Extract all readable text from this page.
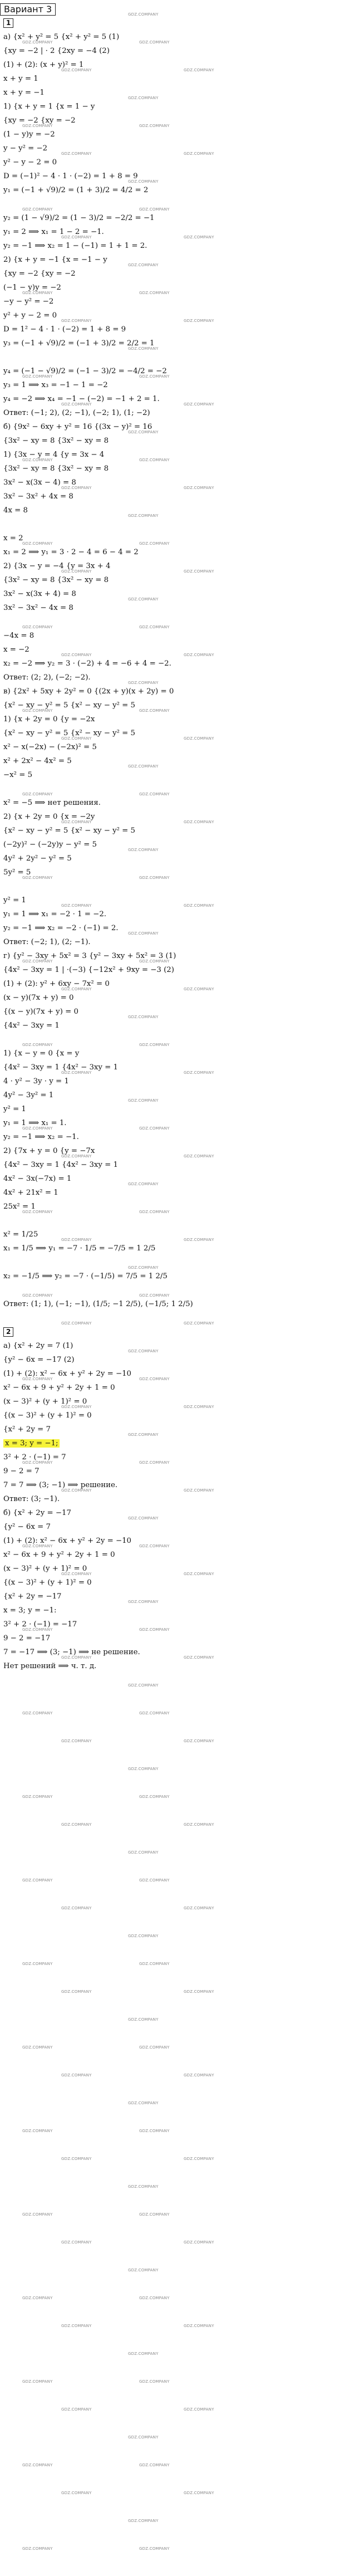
Вариант 3
1
а) {x² + y² = 5 {x² + y² = 5 (1)
{xy = −2 | · 2 {2xy = −4 (2)
(1) + (2): (x + y)² = 1
x + y = 1
x + y = −1
1) {x + y = 1 {x = 1 − y
{xy = −2 {xy = −2
(1 − y)y = −2
y − y² = −2
y² − y − 2 = 0
D = (−1)² − 4 · 1 · (−2) = 1 + 8 = 9
y₁ = (−1 + √9)/2 = (1 + 3)/2 = 4/2 = 2
y₂ = (1 − √9)/2 = (1 − 3)/2 = −2/2 = −1
y₁ = 2 ⟹ x₁ = 1 − 2 = −1.
y₂ = −1 ⟹ x₂ = 1 − (−1) = 1 + 1 = 2.
2) {x + y = −1 {x = −1 − y
{xy = −2 {xy = −2
(−1 − y)y = −2
−y − y² = −2
y² + y − 2 = 0
D = 1² − 4 · 1 · (−2) = 1 + 8 = 9
y₃ = (−1 + √9)/2 = (−1 + 3)/2 = 2/2 = 1
y₄ = (−1 − √9)/2 = (−1 − 3)/2 = −4/2 = −2
y₃ = 1 ⟹ x₃ = −1 − 1 = −2
y₄ = −2 ⟹ x₄ = −1 − (−2) = −1 + 2 = 1.
Ответ: (−1; 2), (2; −1), (−2; 1), (1; −2)
б) {9x² − 6xy + y² = 16 {(3x − y)² = 16
{3x² − xy = 8 {3x² − xy = 8
1) {3x − y = 4 {y = 3x − 4
{3x² − xy = 8 {3x² − xy = 8
3x² − x(3x − 4) = 8
3x² − 3x² + 4x = 8
4x = 8
x = 2
x₁ = 2 ⟹ y₁ = 3 · 2 − 4 = 6 − 4 = 2
2) {3x − y = −4 {y = 3x + 4
{3x² − xy = 8 {3x² − xy = 8
3x² − x(3x + 4) = 8
3x² − 3x² − 4x = 8
−4x = 8
x = −2
x₂ = −2 ⟹ y₂ = 3 · (−2) + 4 = −6 + 4 = −2.
Ответ: (2; 2), (−2; −2).
в) {2x² + 5xy + 2y² = 0 {(2x + y)(x + 2y) = 0
{x² − xy − y² = 5 {x² − xy − y² = 5
1) {x + 2y = 0 {y = −2x
{x² − xy − y² = 5 {x² − xy − y² = 5
x² − x(−2x) − (−2x)² = 5
x² + 2x² − 4x² = 5
−x² = 5
x² = −5 ⟹ нет решения.
2) {x + 2y = 0 {x = −2y
{x² − xy − y² = 5 {x² − xy − y² = 5
(−2y)² − (−2y)y − y² = 5
4y² + 2y² − y² = 5
5y² = 5
y² = 1
y₁ = 1 ⟹ x₁ = −2 · 1 = −2.
y₂ = −1 ⟹ x₂ = −2 · (−1) = 2.
Ответ: (−2; 1), (2; −1).
г) {y² − 3xy + 5x² = 3 {y² − 3xy + 5x² = 3 (1)
{4x² − 3xy = 1 | ·(−3) {−12x² + 9xy = −3 (2)
(1) + (2): y² + 6xy − 7x² = 0
(x − y)(7x + y) = 0
{(x − y)(7x + y) = 0
{4x² − 3xy = 1
1) {x − y = 0 {x = y
{4x² − 3xy = 1 {4x² − 3xy = 1
4 · y² − 3y · y = 1
4y² − 3y² = 1
y² = 1
y₁ = 1 ⟹ x₁ = 1.
y₂ = −1 ⟹ x₂ = −1.
2) {7x + y = 0 {y = −7x
{4x² − 3xy = 1 {4x² − 3xy = 1
4x² − 3x(−7x) = 1
4x² + 21x² = 1
25x² = 1
x² = 1/25
x₁ = 1/5 ⟹ y₁ = −7 · 1/5 = −7/5 = 1 2/5
x₂ = −1/5 ⟹ y₂ = −7 · (−1/5) = 7/5 = 1 2/5
Ответ: (1; 1), (−1; −1), (1/5; −1 2/5), (−1/5; 1 2/5)
2
а) {x² + 2y = 7 (1)
{y² − 6x = −17 (2)
(1) + (2): x² − 6x + y² + 2y = −10
x² − 6x + 9 + y² + 2y + 1 = 0
(x − 3)² + (y + 1)² = 0
{(x − 3)² + (y + 1)² = 0
{x² + 2y = 7
x = 3; y = −1;
3² + 2 · (−1) = 7
9 − 2 = 7
7 = 7 ⟹ (3; −1) ⟹ решение.
Ответ: (3; −1).
б) {x² + 2y = −17
{y² − 6x = 7
(1) + (2): x² − 6x + y² + 2y = −10
x² − 6x + 9 + y² + 2y + 1 = 0
(x − 3)² + (y + 1)² = 0
{(x − 3)² + (y + 1)² = 0
{x² + 2y = −17
x = 3; y = −1:
3² + 2 · (−1) = −17
9 − 2 = −17
7 = −17 ⟹ (3; −1) ⟹ не решение.
Нет решений ⟹ ч. т. д.
GDZ.COMPANY
GDZ.COMPANY	GDZ.COMPANY
GDZ.COMPANY	GDZ.COMPANY
GDZ.COMPANY
GDZ.COMPANY	GDZ.COMPANY
GDZ.COMPANY	GDZ.COMPANY
GDZ.COMPANY
GDZ.COMPANY	GDZ.COMPANY
GDZ.COMPANY	GDZ.COMPANY
GDZ.COMPANY
GDZ.COMPANY	GDZ.COMPANY
GDZ.COMPANY	GDZ.COMPANY
GDZ.COMPANY
GDZ.COMPANY	GDZ.COMPANY
GDZ.COMPANY	GDZ.COMPANY
GDZ.COMPANY
GDZ.COMPANY	GDZ.COMPANY
GDZ.COMPANY	GDZ.COMPANY
GDZ.COMPANY
GDZ.COMPANY	GDZ.COMPANY
GDZ.COMPANY	GDZ.COMPANY
GDZ.COMPANY
GDZ.COMPANY	GDZ.COMPANY
GDZ.COMPANY	GDZ.COMPANY
GDZ.COMPANY
GDZ.COMPANY	GDZ.COMPANY
GDZ.COMPANY	GDZ.COMPANY
GDZ.COMPANY
GDZ.COMPANY	GDZ.COMPANY
GDZ.COMPANY	GDZ.COMPANY
GDZ.COMPANY
GDZ.COMPANY	GDZ.COMPANY
GDZ.COMPANY	GDZ.COMPANY
GDZ.COMPANY
GDZ.COMPANY	GDZ.COMPANY
GDZ.COMPANY	GDZ.COMPANY
GDZ.COMPANY
GDZ.COMPANY	GDZ.COMPANY
GDZ.COMPANY	GDZ.COMPANY
GDZ.COMPANY
GDZ.COMPANY	GDZ.COMPANY
GDZ.COMPANY	GDZ.COMPANY
GDZ.COMPANY
GDZ.COMPANY	GDZ.COMPANY
GDZ.COMPANY	GDZ.COMPANY
GDZ.COMPANY
GDZ.COMPANY	GDZ.COMPANY
GDZ.COMPANY	GDZ.COMPANY
GDZ.COMPANY
GDZ.COMPANY	GDZ.COMPANY
GDZ.COMPANY	GDZ.COMPANY
GDZ.COMPANY
GDZ.COMPANY	GDZ.COMPANY
GDZ.COMPANY	GDZ.COMPANY
GDZ.COMPANY
GDZ.COMPANY	GDZ.COMPANY
GDZ.COMPANY	GDZ.COMPANY
GDZ.COMPANY
GDZ.COMPANY	GDZ.COMPANY
GDZ.COMPANY	GDZ.COMPANY
GDZ.COMPANY
GDZ.COMPANY	GDZ.COMPANY
GDZ.COMPANY	GDZ.COMPANY
GDZ.COMPANY
GDZ.COMPANY	GDZ.COMPANY
GDZ.COMPANY	GDZ.COMPANY
GDZ.COMPANY
GDZ.COMPANY	GDZ.COMPANY
GDZ.COMPANY	GDZ.COMPANY
GDZ.COMPANY
GDZ.COMPANY	GDZ.COMPANY
GDZ.COMPANY	GDZ.COMPANY
GDZ.COMPANY
GDZ.COMPANY	GDZ.COMPANY
GDZ.COMPANY	GDZ.COMPANY
GDZ.COMPANY
GDZ.COMPANY	GDZ.COMPANY
GDZ.COMPANY	GDZ.COMPANY
GDZ.COMPANY
GDZ.COMPANY	GDZ.COMPANY
GDZ.COMPANY	GDZ.COMPANY
GDZ.COMPANY
GDZ.COMPANY	GDZ.COMPANY
GDZ.COMPANY	GDZ.COMPANY
GDZ.COMPANY
GDZ.COMPANY	GDZ.COMPANY
GDZ.COMPANY	GDZ.COMPANY
GDZ.COMPANY
GDZ.COMPANY	GDZ.COMPANY
GDZ.COMPANY	GDZ.COMPANY
GDZ.COMPANY
GDZ.COMPANY	GDZ.COMPANY
